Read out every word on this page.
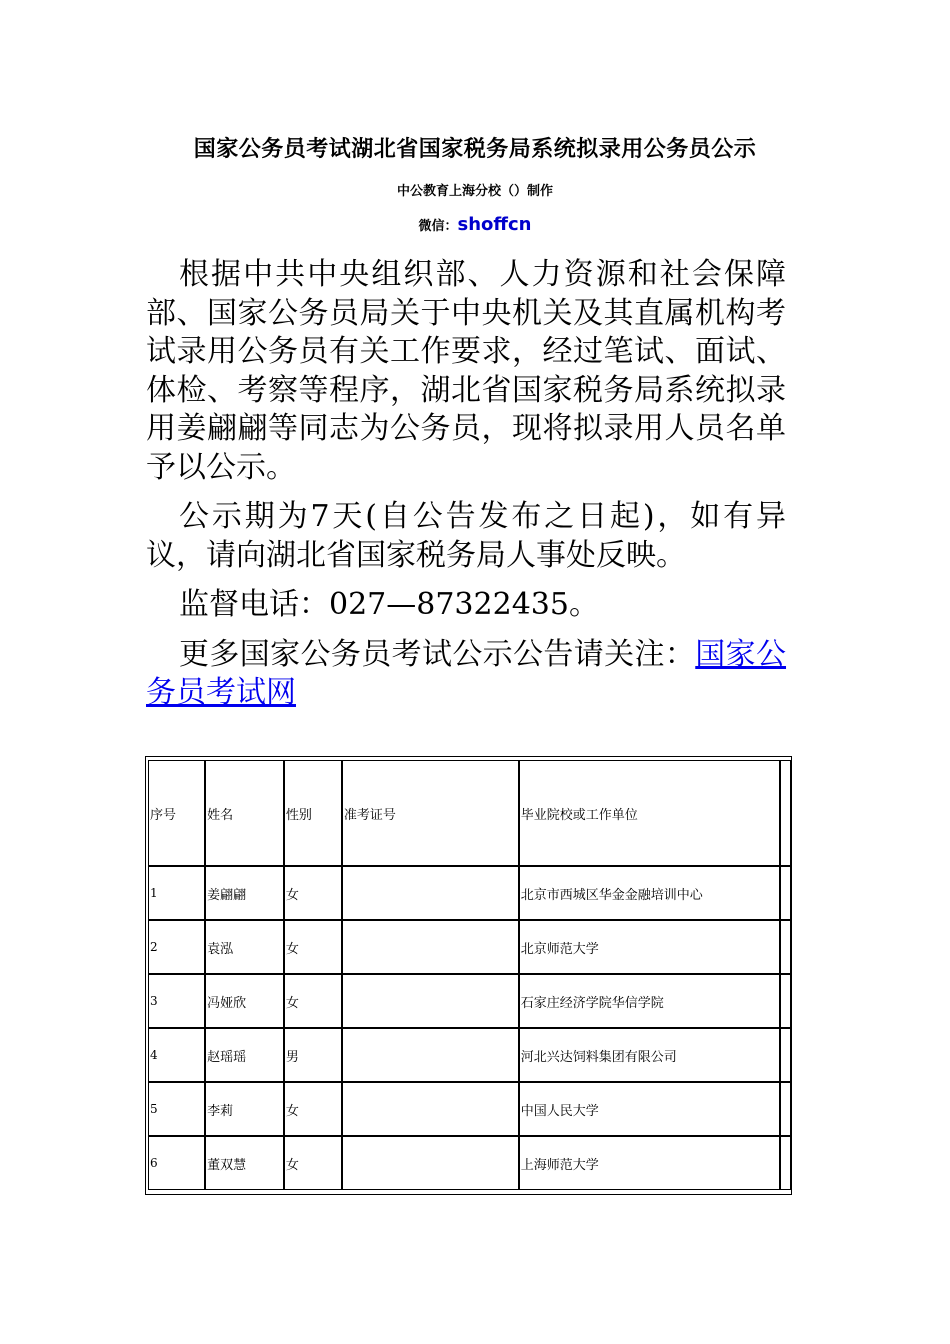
国家公务员考试湖北省国家税务局系统拟录用公务员公示
中公教育上海分校（）制作
微信：shoffcn

根据中共中央组织部、人力资源和社会保障部、国家公务员局关于中央机关及其直属机构考试录用公务员有关工作要求，经过笔试、面试、体检、考察等程序，湖北省国家税务局系统拟录用姜翩翩等同志为公务员，现将拟录用人员名单予以公示。

公示期为7天(自公告发布之日起)，如有异议，请向湖北省国家税务局人事处反映。

监督电话：027—87322435。

更多国家公务员考试公示公告请关注：国家公务员考试网

序号	姓名	性别	准考证号	毕业院校或工作单位	
1	姜翩翩	女		北京市西城区华金金融培训中心	
2	袁泓	女		北京师范大学	
3	冯娅欣	女		石家庄经济学院华信学院	
4	赵瑶瑶	男		河北兴达饲料集团有限公司	
5	李莉	女		中国人民大学	
6	董双慧	女		上海师范大学	
